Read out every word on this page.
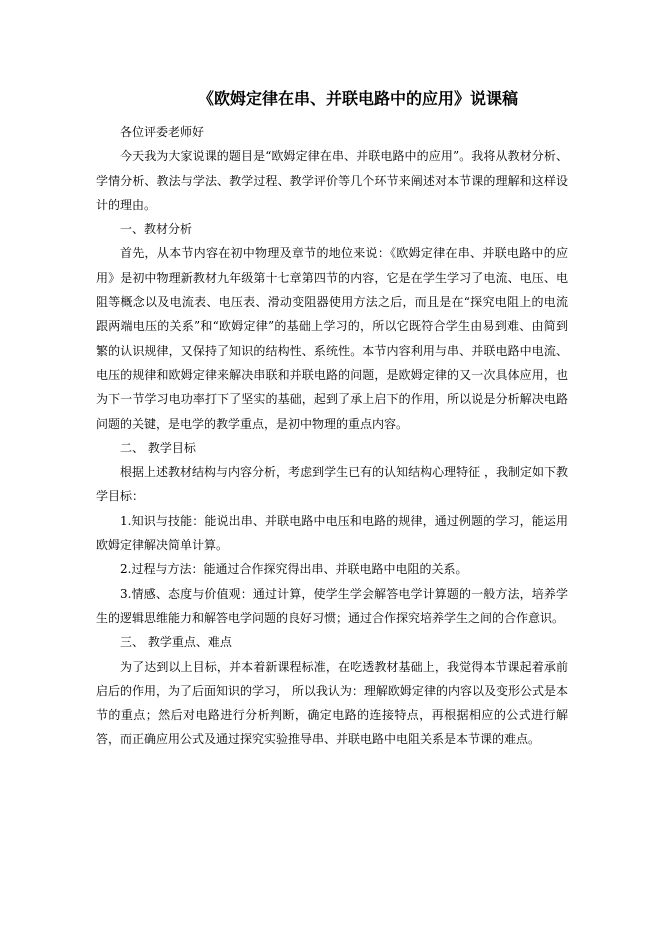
《欧姆定律在串、并联电路中的应用》说课稿

各位评委老师好

今天我为大家说课的题目是“欧姆定律在串、并联电路中的应用”。我将从教材分析、学情分析、教法与学法、教学过程、教学评价等几个环节来阐述对本节课的理解和这样设计的理由。

一、教材分析

首先，从本节内容在初中物理及章节的地位来说：《欧姆定律在串、并联电路中的应用》是初中物理新教材九年级第十七章第四节的内容，它是在学生学习了电流、电压、电阻等概念以及电流表、电压表、滑动变阻器使用方法之后，而且是在“探究电阻上的电流跟两端电压的关系”和“欧姆定律”的基础上学习的，所以它既符合学生由易到难、由简到繁的认识规律，又保持了知识的结构性、系统性。本节内容利用与串、并联电路中电流、电压的规律和欧姆定律来解决串联和并联电路的问题，是欧姆定律的又一次具体应用，也为下一节学习电功率打下了坚实的基础，起到了承上启下的作用，所以说是分析解决电路问题的关键，是电学的教学重点，是初中物理的重点内容。

二、 教学目标

根据上述教材结构与内容分析，考虑到学生已有的认知结构心理特征 ，我制定如下教学目标：

1.知识与技能：能说出串、并联电路中电压和电路的规律，通过例题的学习，能运用欧姆定律解决简单计算。

2.过程与方法：能通过合作探究得出串、并联电路中电阻的关系。

3.情感、态度与价值观：通过计算，使学生学会解答电学计算题的一般方法，培养学生的逻辑思维能力和解答电学问题的良好习惯；通过合作探究培养学生之间的合作意识。

三、 教学重点、难点

为了达到以上目标，并本着新课程标准，在吃透教材基础上，我觉得本节课起着承前启后的作用，为了后面知识的学习， 所以我认为：理解欧姆定律的内容以及变形公式是本节的重点；然后对电路进行分析判断，确定电路的连接特点，再根据相应的公式进行解答，而正确应用公式及通过探究实验推导串、并联电路中电阻关系是本节课的难点。
